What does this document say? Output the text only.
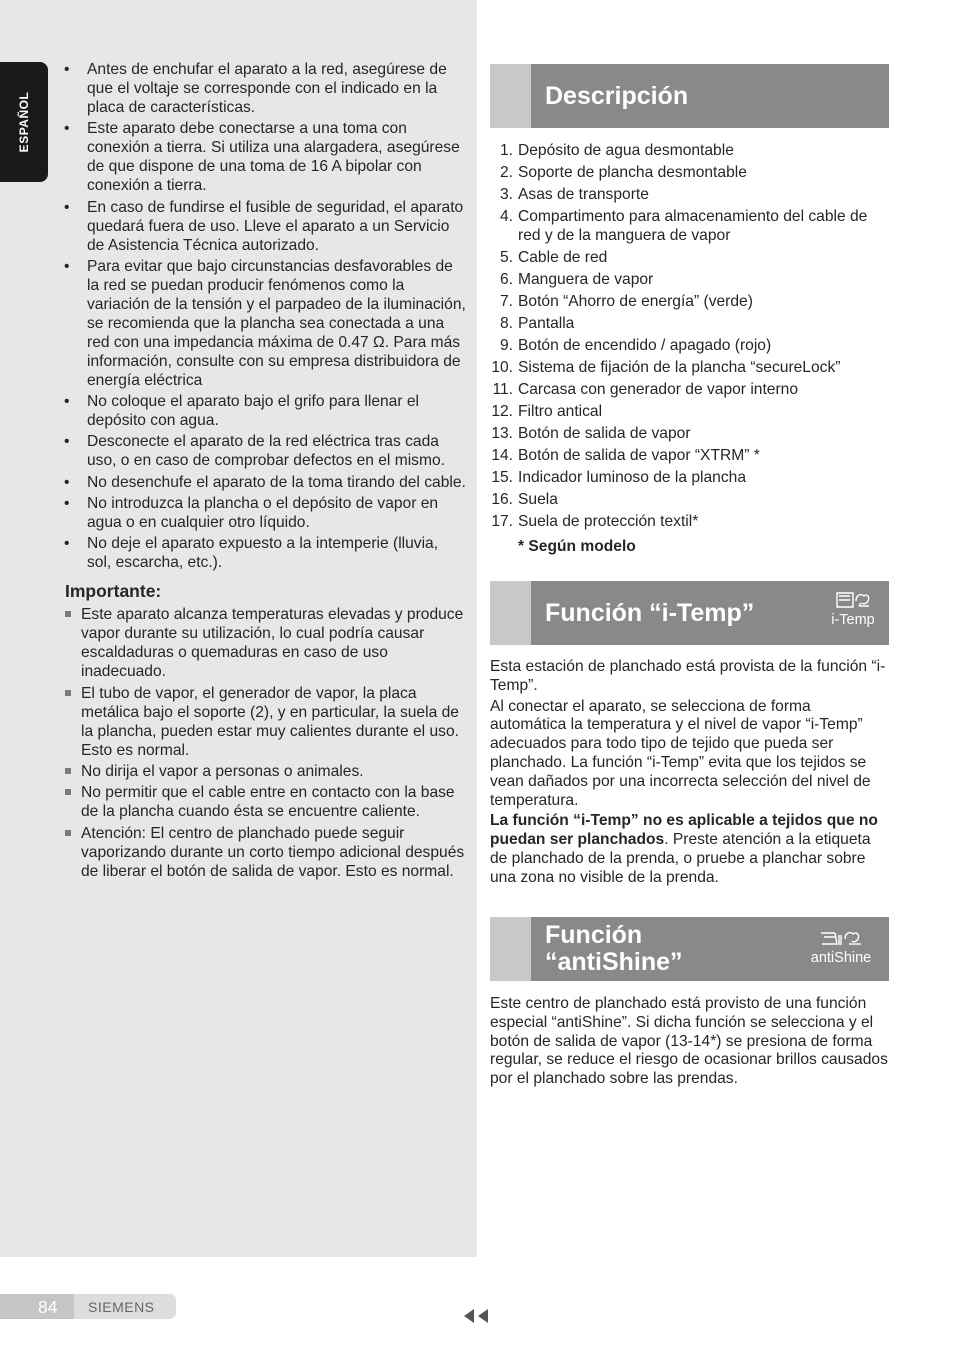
ESPAÑOL
• Antes de enchufar el aparato a la red, asegúrese de que el voltaje se corresponde con el indicado en la placa de características.
• Este aparato debe conectarse a una toma con conexión a tierra. Si utiliza una alargadera, asegúrese de que dispone de una toma de 16 A bipolar con conexión a tierra.
• En caso de fundirse el fusible de seguridad, el aparato quedará fuera de uso. Lleve el aparato a un Servicio de Asistencia Técnica autorizado.
• Para evitar que bajo circunstancias desfavorables de la red se puedan producir fenómenos como la variación de la tensión y el parpadeo de la iluminación, se recomienda que la plancha sea conectada a una red con una impedancia máxima de 0.47 Ω. Para más información, consulte con su empresa distribuidora de energía eléctrica
• No coloque el aparato bajo el grifo para llenar el depósito con agua.
• Desconecte el aparato de la red eléctrica tras cada uso, o en caso de comprobar defectos en el mismo.
• No desenchufe el aparato de la toma tirando del cable.
• No introduzca la plancha o el depósito de vapor en agua o en cualquier otro líquido.
• No deje el aparato expuesto a la intemperie (lluvia, sol, escarcha, etc.).
Importante:
Este aparato alcanza temperaturas elevadas y produce vapor durante su utilización, lo cual podría causar escaldaduras o quemaduras en caso de uso inadecuado.
El tubo de vapor, el generador de vapor, la placa metálica bajo el soporte (2), y en particular, la suela de la plancha, pueden estar muy calientes durante el uso. Esto es normal.
No dirija el vapor a personas o animales.
No permitir que el cable entre en contacto con la base de la plancha cuando ésta se encuentre caliente.
Atención: El centro de planchado puede seguir vaporizando durante un corto tiempo adicional después de liberar el botón de salida de vapor. Esto es normal.
Descripción
1. Depósito de agua desmontable
2. Soporte de plancha desmontable
3. Asas de transporte
4. Compartimento para almacenamiento del cable de red y de la manguera de vapor
5. Cable de red
6. Manguera de vapor
7. Botón “Ahorro de energía” (verde)
8. Pantalla
9. Botón de encendido / apagado (rojo)
10. Sistema de fijación de la plancha “secureLock”
11. Carcasa con generador de vapor interno
12. Filtro antical
13. Botón de salida de vapor
14. Botón de salida de vapor “XTRM” *
15. Indicador luminoso de la plancha
16. Suela
17. Suela de protección textil*
* Según modelo
Función “i-Temp”	i-Temp

Esta estación de planchado está provista de la función “i-Temp”.

Al conectar el aparato, se selecciona de forma automática la temperatura y el nivel de vapor “i-Temp” adecuados para todo tipo de tejido que pueda ser planchado. La función “i-Temp” evita que los tejidos se vean dañados por una incorrecta selección del nivel de temperatura.

La función “i-Temp” no es aplicable a tejidos que no puedan ser planchados. Preste atención a la etiqueta de planchado de la prenda, o pruebe a planchar sobre una zona no visible de la prenda.

Función
“antiShine”	antiShine

Este centro de planchado está provisto de una función especial “antiShine”. Si dicha función se selecciona y el botón de salida de vapor (13-14*) se presiona de forma regular, se reduce el riesgo de ocasionar brillos causados por el planchado sobre las prendas.

84 SIEMENS
